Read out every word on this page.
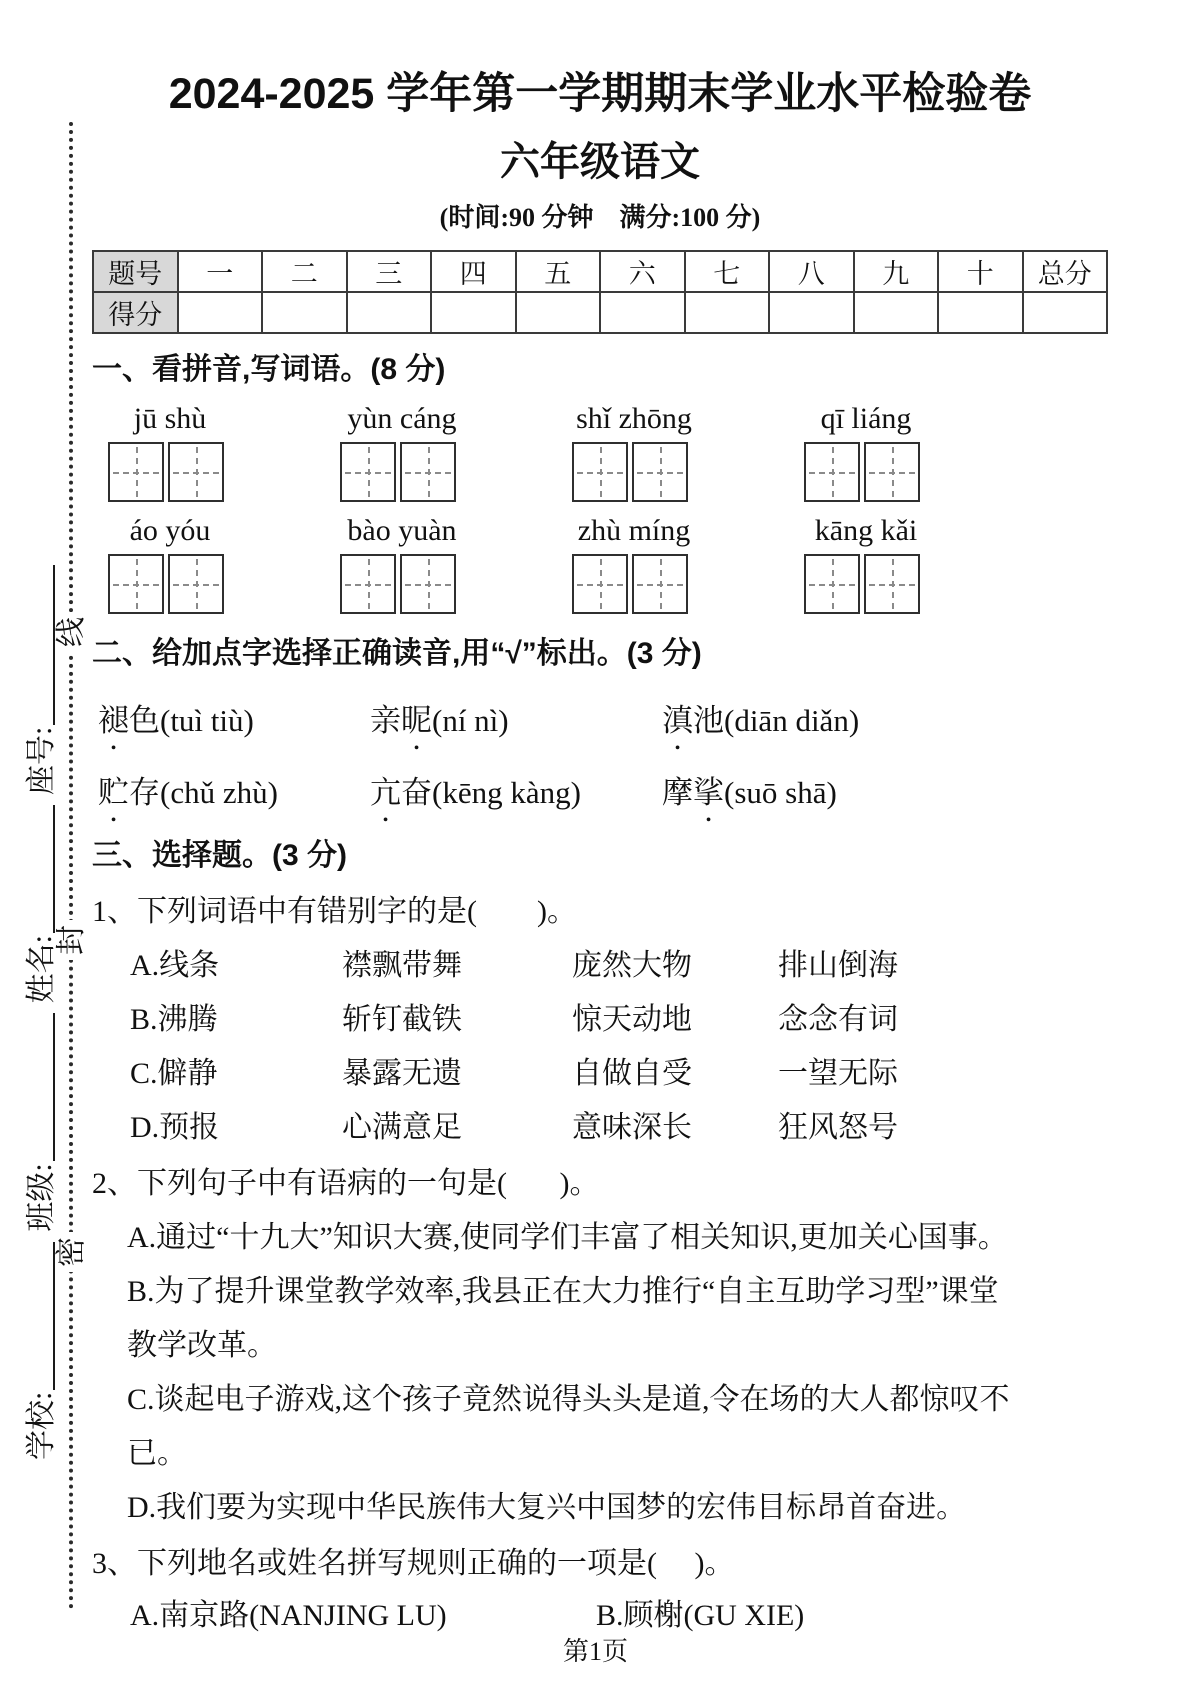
线
封
密
学校:
班级:
姓名:
座号:
2024-2025 学年第一学期期末学业水平检验卷
六年级语文
(时间:90 分钟    满分:100 分)
题号	一	二	三	四	五	六	七	八	九	十	总分
得分											
一、看拼音,写词语。(8 分)
jū shù	yùn cáng	shǐ zhōng	qī liáng
áo yóu	bào yuàn	zhù míng	kāng kǎi
二、给加点字选择正确读音,用“√”标出。(3 分)
褪色(tuì tiù)	亲昵(ní nì)	滇池(diān diǎn)
贮存(chǔ zhù)	亢奋(kēng kàng)	摩挲(suō shā)
三、选择题。(3 分)
1、下列词语中有错别字的是(        )。
A.线条	襟飘带舞	庞然大物	排山倒海
B.沸腾	斩钉截铁	惊天动地	念念有词
C.僻静	暴露无遗	自做自受	一望无际
D.预报	心满意足	意味深长	狂风怒号
2、下列句子中有语病的一句是(       )。
A.通过“十九大”知识大赛,使同学们丰富了相关知识,更加关心国事。
B.为了提升课堂教学效率,我县正在大力推行“自主互助学习型”课堂
教学改革。
C.谈起电子游戏,这个孩子竟然说得头头是道,令在场的大人都惊叹不
已。
D.我们要为实现中华民族伟大复兴中国梦的宏伟目标昂首奋进。
3、下列地名或姓名拼写规则正确的一项是(     )。
A.南京路(NANJING LU)	B.顾榭(GU XIE)
第1页
